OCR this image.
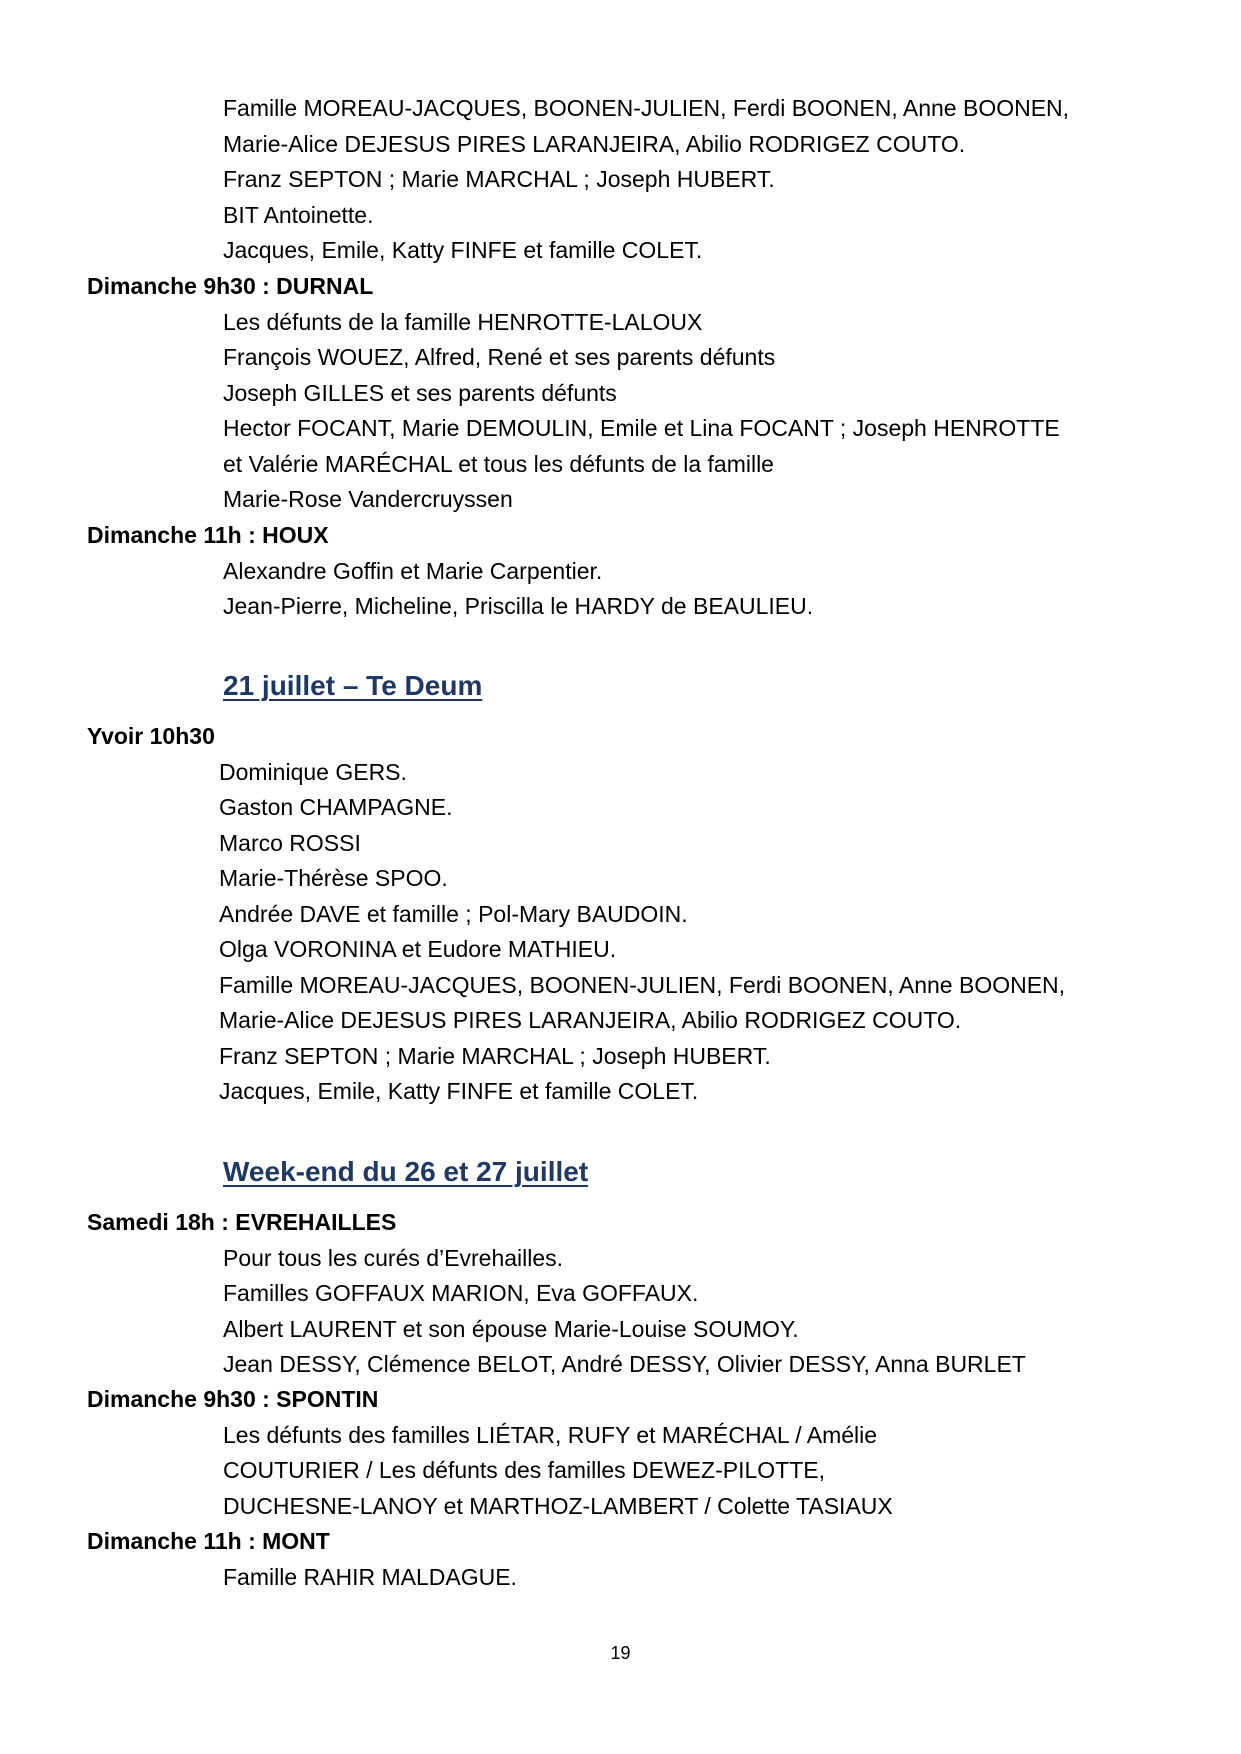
Famille MOREAU-JACQUES, BOONEN-JULIEN, Ferdi BOONEN, Anne BOONEN,

Marie-Alice DEJESUS PIRES LARANJEIRA, Abilio RODRIGEZ COUTO.

Franz SEPTON ; Marie MARCHAL ; Joseph HUBERT.

BIT Antoinette.

Jacques, Emile, Katty FINFE et famille COLET.

Dimanche 9h30 : DURNAL

Les défunts de la famille HENROTTE-LALOUX

François WOUEZ, Alfred, René et ses parents défunts

Joseph GILLES et ses parents défunts

Hector FOCANT, Marie DEMOULIN, Emile et Lina FOCANT ; Joseph HENROTTE

et Valérie MARÉCHAL et tous les défunts de la famille

Marie-Rose Vandercruyssen

Dimanche 11h : HOUX

Alexandre Goffin et Marie Carpentier.

Jean-Pierre, Micheline, Priscilla le HARDY de BEAULIEU.

21 juillet – Te Deum

Yvoir 10h30

Dominique GERS.

Gaston CHAMPAGNE.

Marco ROSSI

Marie-Thérèse SPOO.

Andrée DAVE et famille ; Pol-Mary BAUDOIN.

Olga VORONINA et Eudore MATHIEU.

Famille MOREAU-JACQUES, BOONEN-JULIEN, Ferdi BOONEN, Anne BOONEN,

Marie-Alice DEJESUS PIRES LARANJEIRA, Abilio RODRIGEZ COUTO.

Franz SEPTON ; Marie MARCHAL ; Joseph HUBERT.

Jacques, Emile, Katty FINFE et famille COLET.

Week-end du 26 et 27 juillet

Samedi 18h : EVREHAILLES

Pour tous les curés d’Evrehailles.

Familles GOFFAUX MARION, Eva GOFFAUX.

Albert LAURENT et son épouse Marie-Louise SOUMOY.

Jean DESSY, Clémence BELOT, André DESSY, Olivier DESSY, Anna BURLET

Dimanche 9h30 : SPONTIN

Les défunts des familles LIÉTAR, RUFY et MARÉCHAL / Amélie

COUTURIER / Les défunts des familles DEWEZ-PILOTTE,

DUCHESNE-LANOY et MARTHOZ-LAMBERT / Colette TASIAUX

Dimanche 11h : MONT

Famille RAHIR MALDAGUE.

19
